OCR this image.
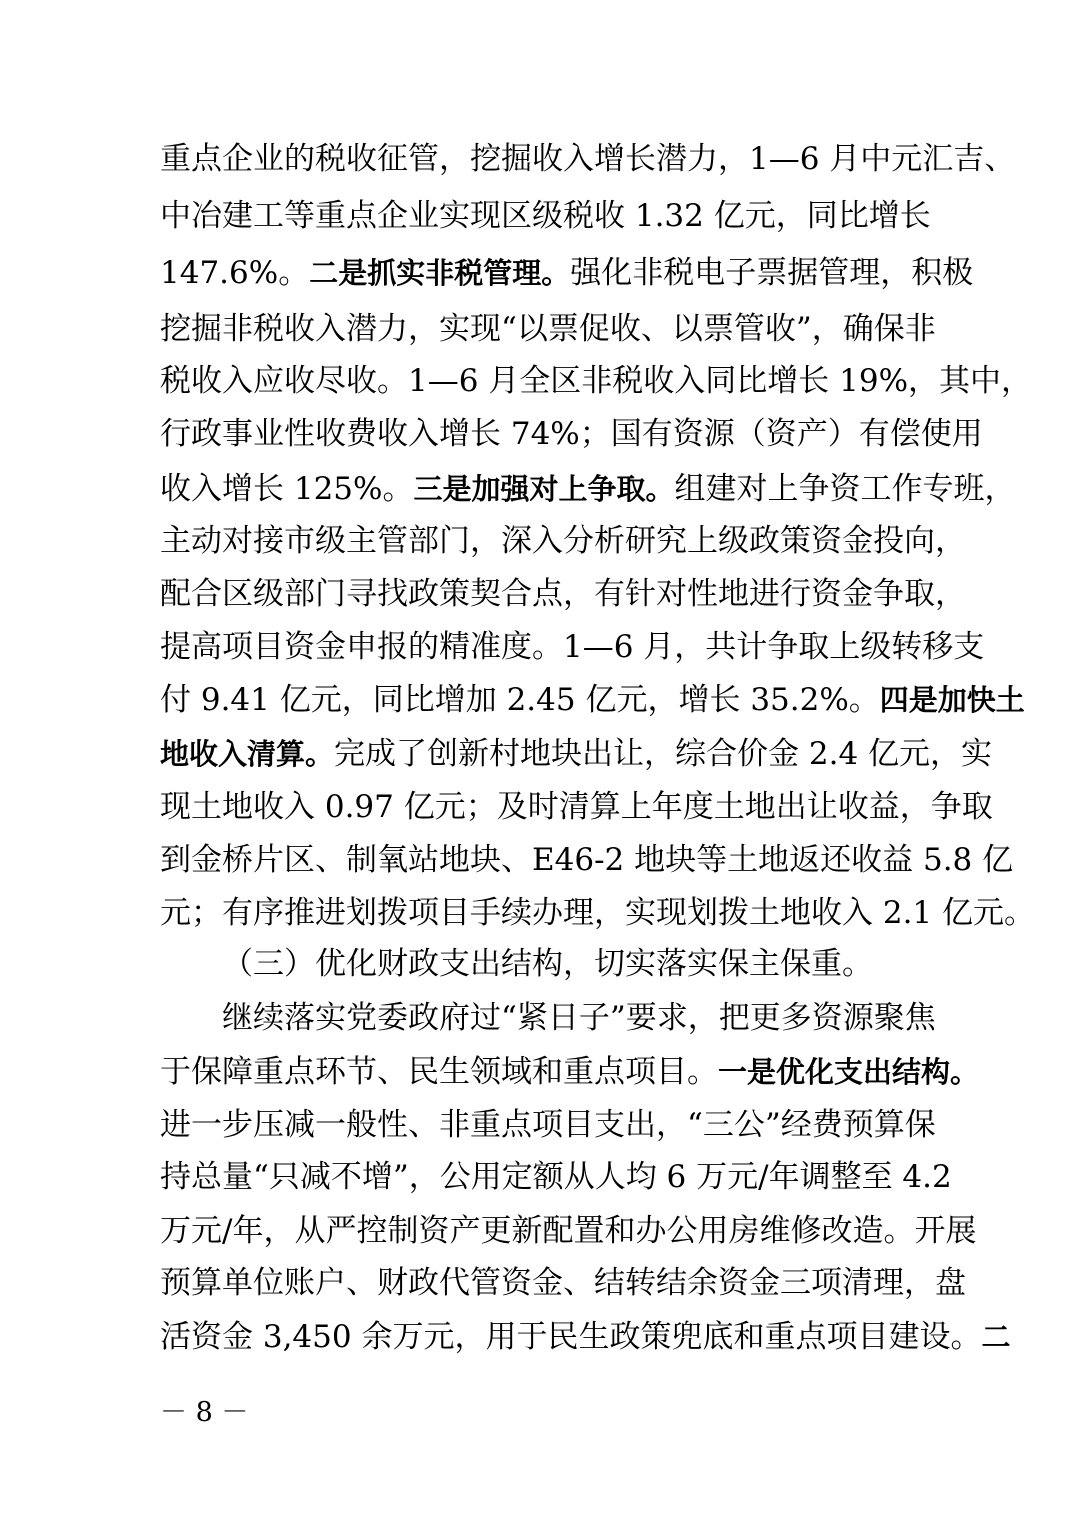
重点企业的税收征管，挖掘收入增长潜力，1—6 月中元汇吉、
中冶建工等重点企业实现区级税收 1.32 亿元，同比增长
147.6%。二是抓实非税管理。强化非税电子票据管理，积极
挖掘非税收入潜力，实现“以票促收、以票管收”，确保非
税收入应收尽收。1—6 月全区非税收入同比增长 19%，其中，
行政事业性收费收入增长 74%；国有资源（资产）有偿使用
收入增长 125%。三是加强对上争取。组建对上争资工作专班，
主动对接市级主管部门，深入分析研究上级政策资金投向，
配合区级部门寻找政策契合点，有针对性地进行资金争取，
提高项目资金申报的精准度。1—6 月，共计争取上级转移支
付 9.41 亿元，同比增加 2.45 亿元，增长 35.2%。四是加快土
地收入清算。完成了创新村地块出让，综合价金 2.4 亿元，实
现土地收入 0.97 亿元；及时清算上年度土地出让收益，争取
到金桥片区、制氧站地块、E46-2 地块等土地返还收益 5.8 亿
元；有序推进划拨项目手续办理，实现划拨土地收入 2.1 亿元。
（三）优化财政支出结构，切实落实保主保重。
继续落实党委政府过“紧日子”要求，把更多资源聚焦
于保障重点环节、民生领域和重点项目。一是优化支出结构。
进一步压减一般性、非重点项目支出，“三公”经费预算保
持总量“只减不增”，公用定额从人均 6 万元/年调整至 4.2
万元/年，从严控制资产更新配置和办公用房维修改造。开展
预算单位账户、财政代管资金、结转结余资金三项清理，盘
活资金 3,450 余万元，用于民生政策兜底和重点项目建设。二
－ 8 －
